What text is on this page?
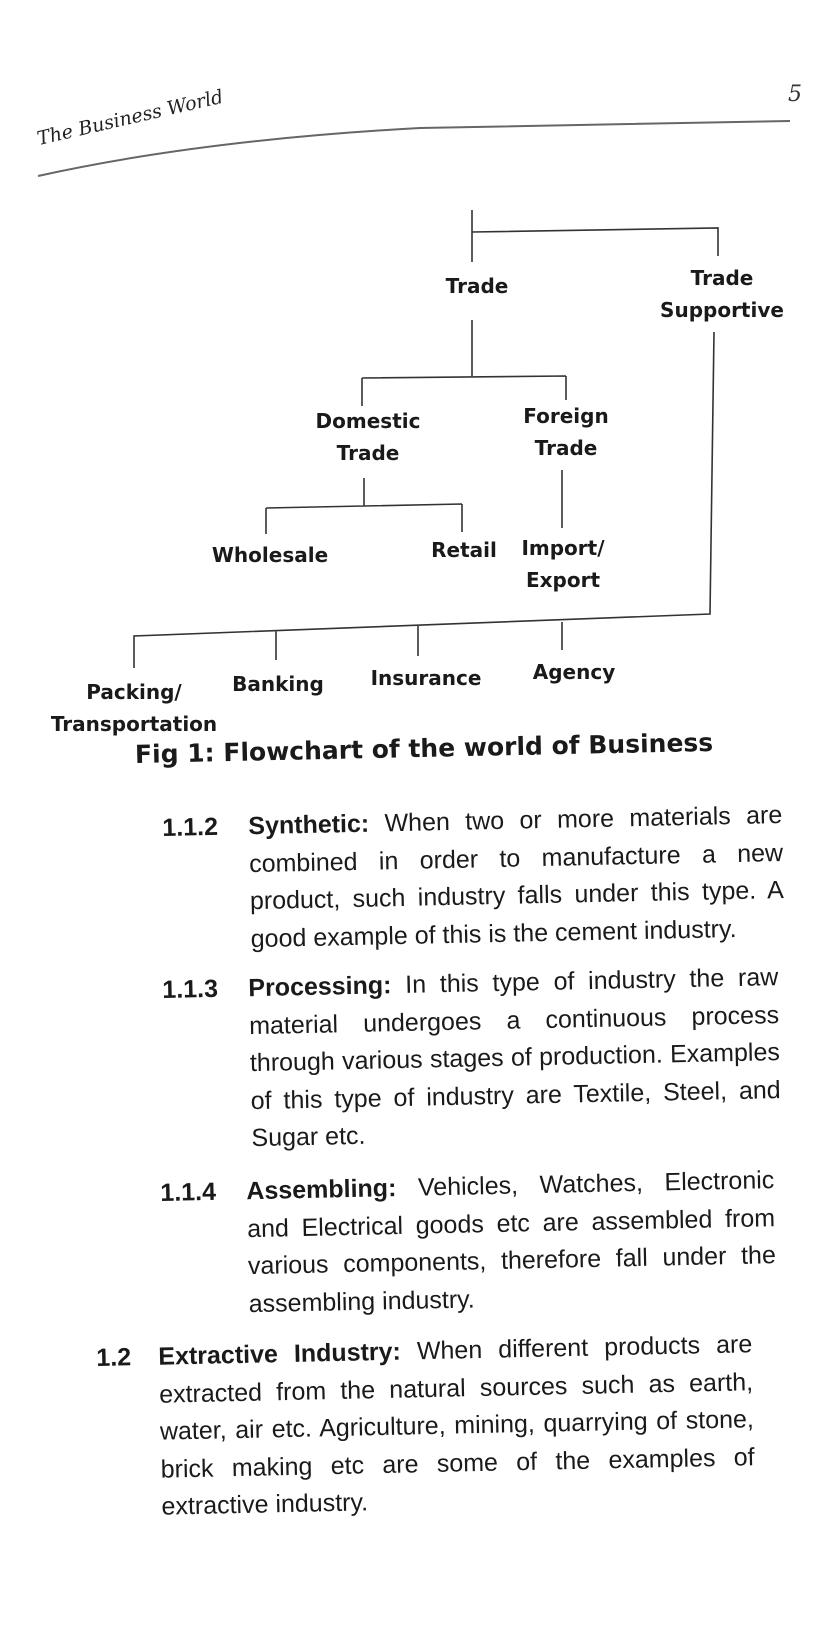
The Business World	5
Trade	Trade
Supportive
Domestic
Trade
Foreign
Trade
Wholesale	Retail Import/
Export
Packing/
Transportation
Banking Insurance	Agency
Fig 1: Flowchart of the world of Business
1.1.2 Synthetic: When two or more materials are combined in order to manufacture a new product, such industry falls under this type. A good example of this is the cement industry.
1.1.3 Processing: In this type of industry the raw material undergoes a continuous process through various stages of production. Examples of this type of industry are Textile, Steel, and Sugar etc.
1.1.4 Assembling: Vehicles, Watches, Electronic and Electrical goods etc are assembled from various components, therefore fall under the assembling industry.
1.2 Extractive Industry: When different products are extracted from the natural sources such as earth, water, air etc. Agriculture, mining, quarrying of stone, brick making etc are some of the examples of extractive industry.
